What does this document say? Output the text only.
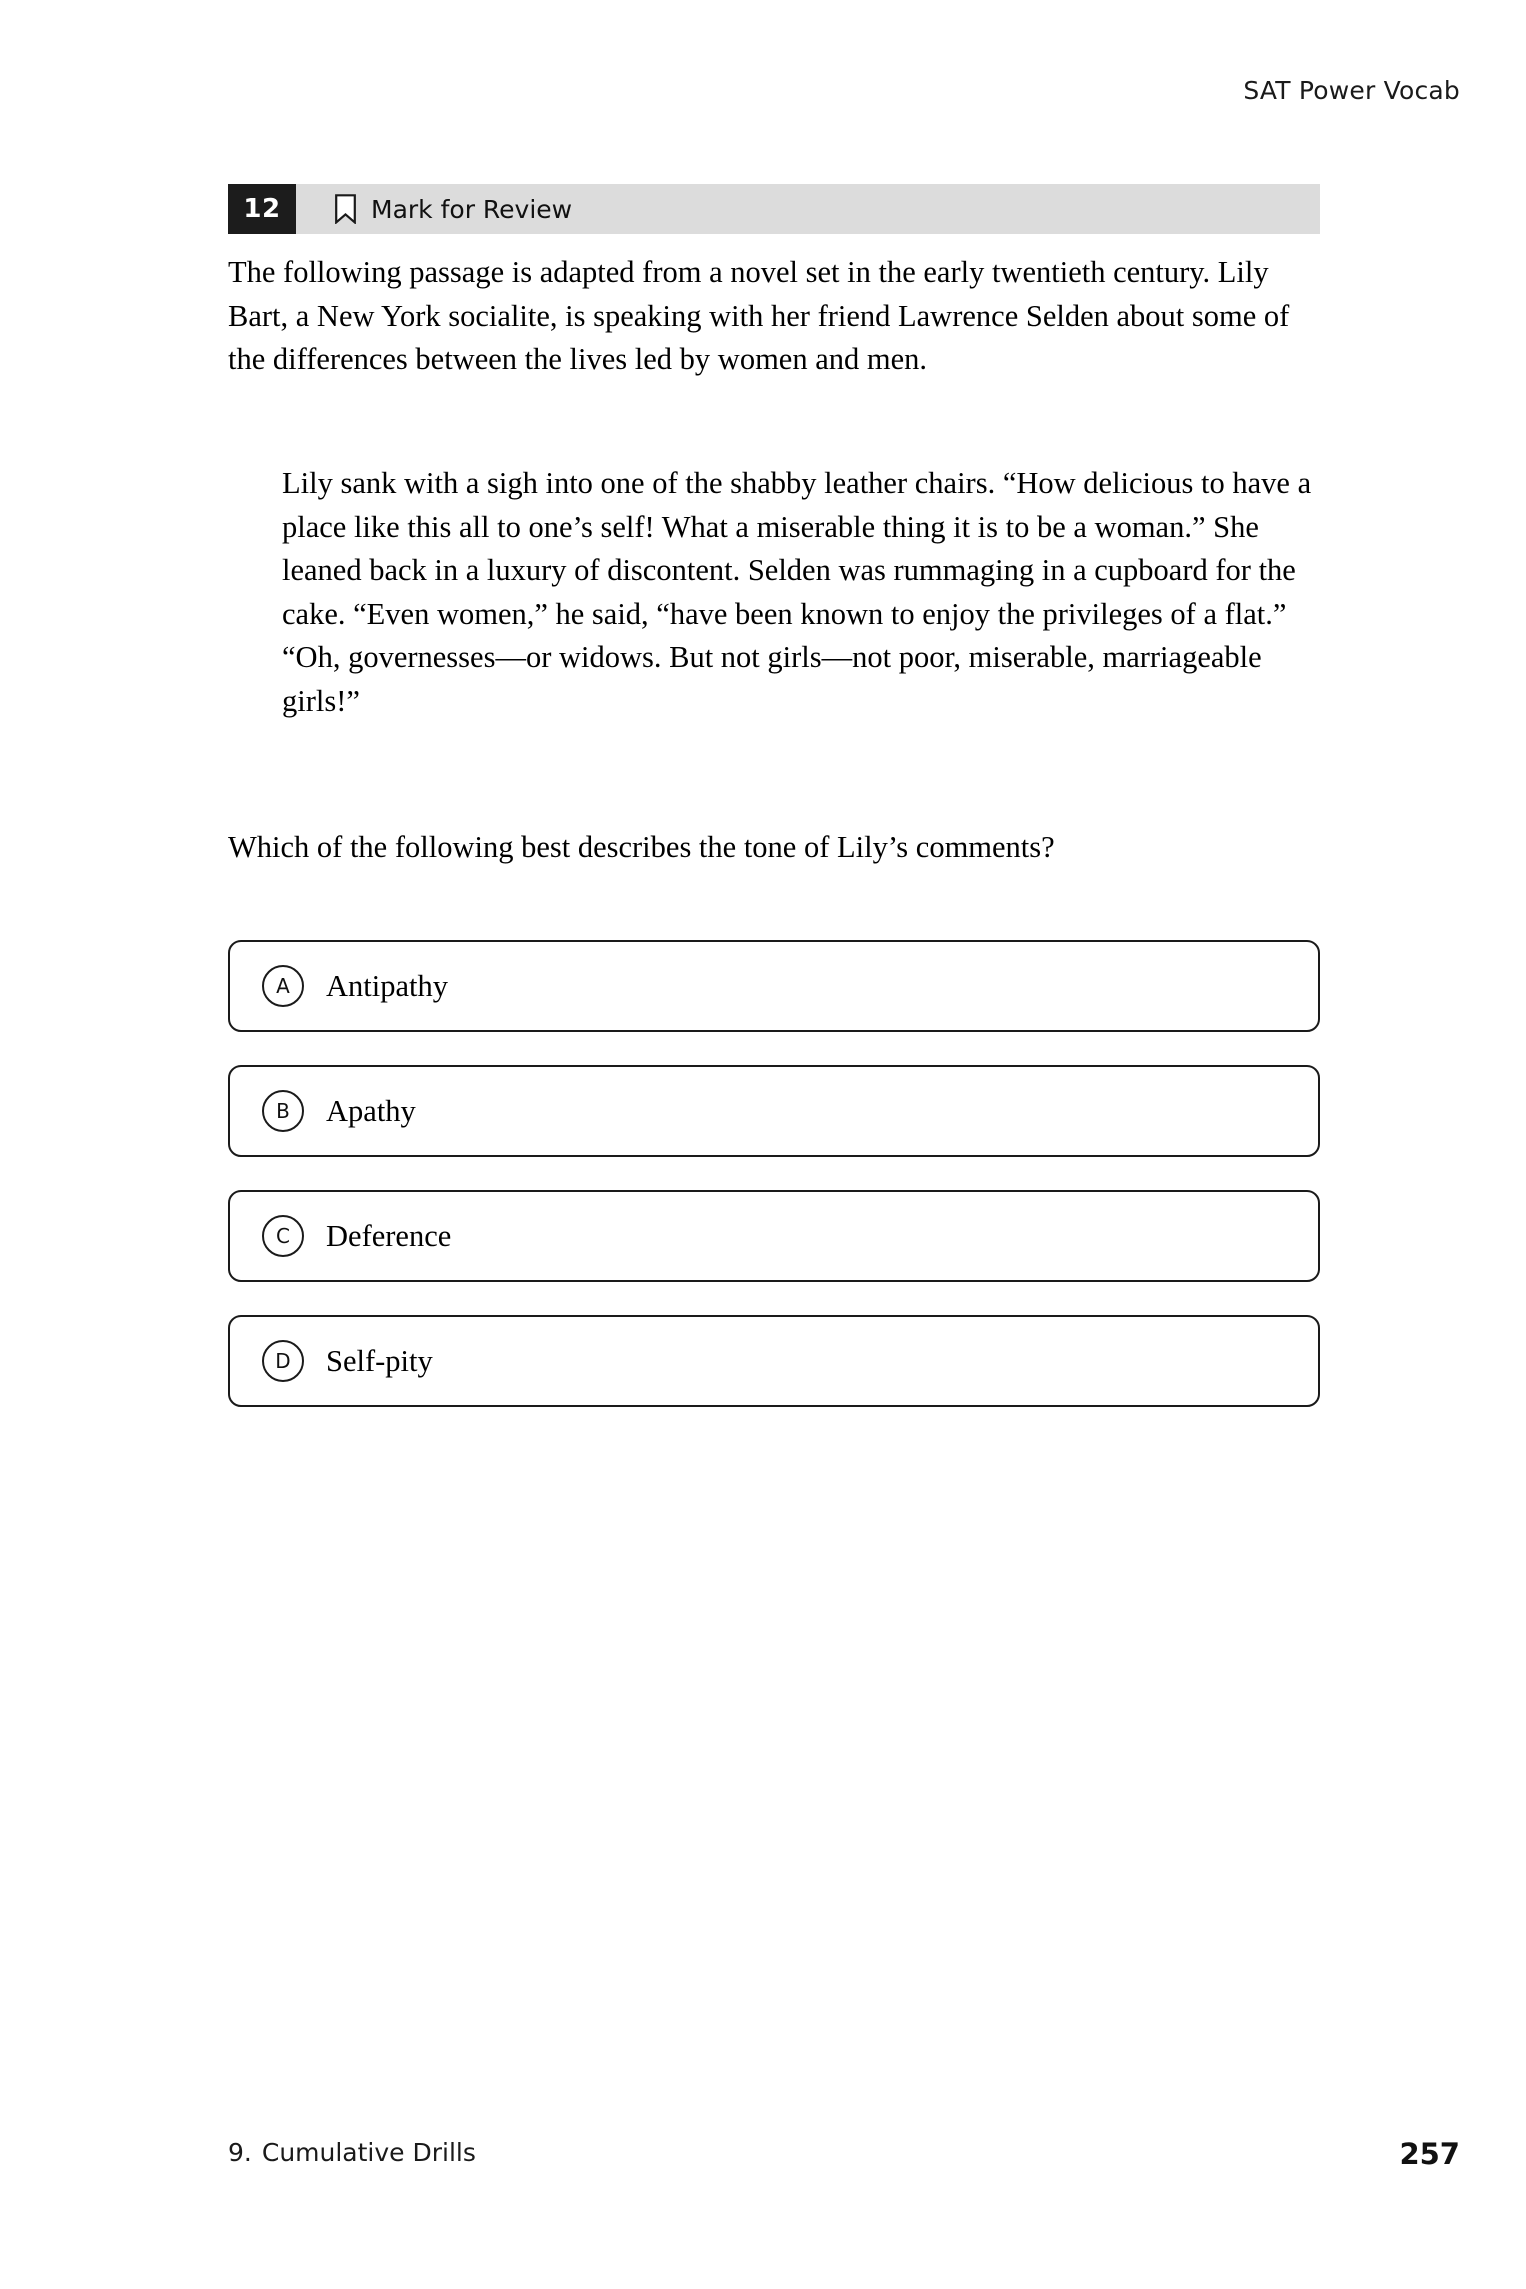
SAT Power Vocab
12	Mark for Review
The following passage is adapted from a novel set in the early twentieth century. Lily Bart, a New York socialite, is speaking with her friend Lawrence Selden about some of the differences between the lives led by women and men.
Lily sank with a sigh into one of the shabby leather chairs. “How delicious to have a place like this all to one’s self! What a miserable thing it is to be a woman.” She leaned back in a luxury of discontent. Selden was rummaging in a cupboard for the cake. “Even women,” he said, “have been known to enjoy the privileges of a flat.” “Oh, governesses—or widows. But not girls—not poor, miserable, marriageable girls!”
Which of the following best describes the tone of Lily’s comments?
A	Antipathy
B	Apathy
C	Deference
D	Self-pity
9. Cumulative Drills	257
